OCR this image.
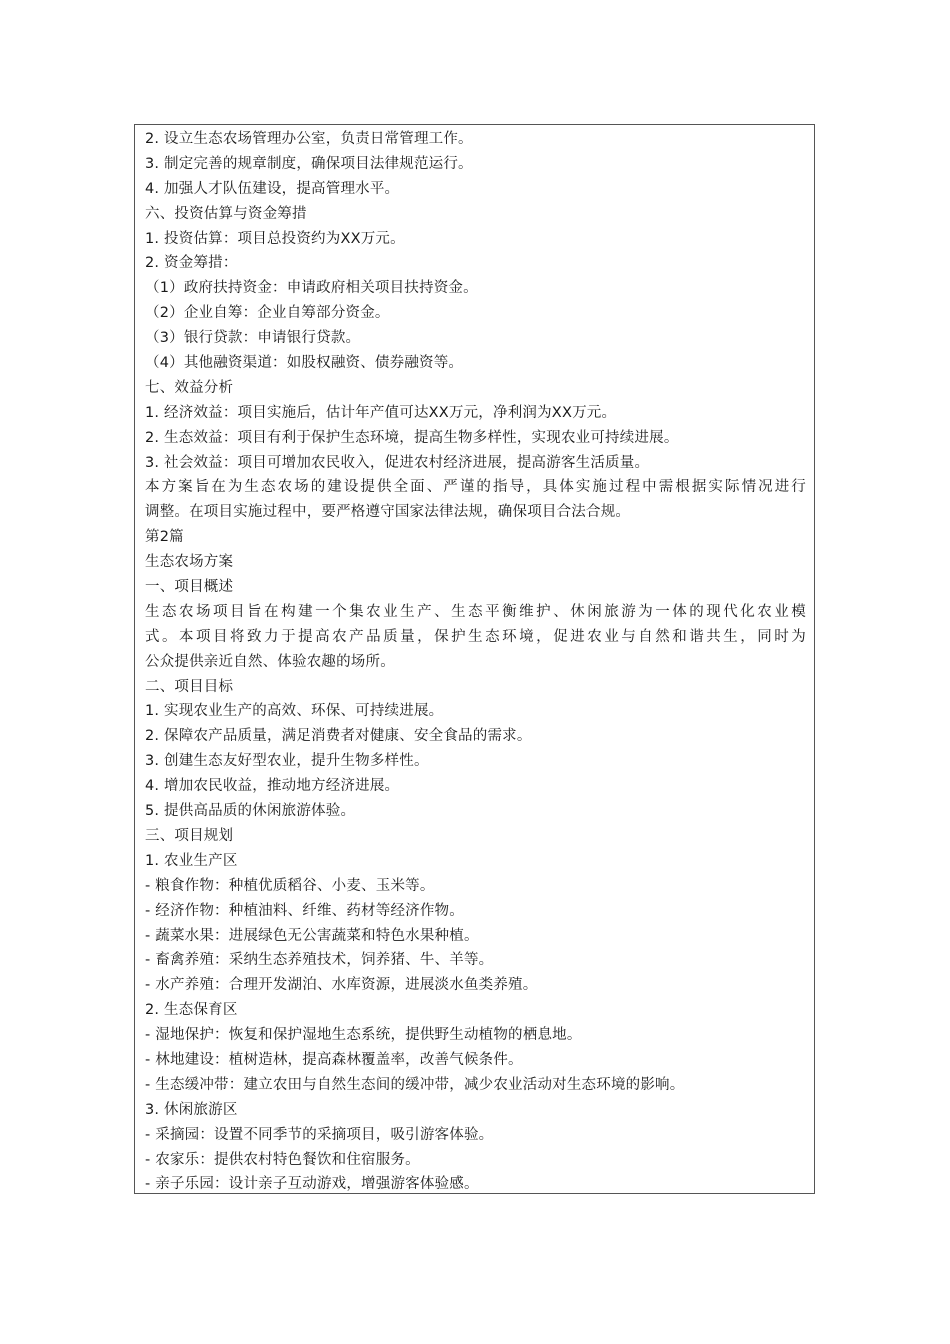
2. 设立生态农场管理办公室，负责日常管理工作。
3. 制定完善的规章制度，确保项目法律规范运行。
4. 加强人才队伍建设，提高管理水平。
六、投资估算与资金筹措
1. 投资估算：项目总投资约为XX万元。
2. 资金筹措：
（1）政府扶持资金：申请政府相关项目扶持资金。
（2）企业自筹：企业自筹部分资金。
（3）银行贷款：申请银行贷款。
（4）其他融资渠道：如股权融资、债券融资等。
七、效益分析
1. 经济效益：项目实施后，估计年产值可达XX万元，净利润为XX万元。
2. 生态效益：项目有利于保护生态环境，提高生物多样性，实现农业可持续进展。
3. 社会效益：项目可增加农民收入，促进农村经济进展，提高游客生活质量。
本方案旨在为生态农场的建设提供全面、严谨的指导，具体实施过程中需根据实际情况进行
调整。在项目实施过程中，要严格遵守国家法律法规，确保项目合法合规。
第2篇
生态农场方案
一、项目概述
生态农场项目旨在构建一个集农业生产、生态平衡维护、休闲旅游为一体的现代化农业模
式。本项目将致力于提高农产品质量，保护生态环境，促进农业与自然和谐共生，同时为
公众提供亲近自然、体验农趣的场所。
二、项目目标
1. 实现农业生产的高效、环保、可持续进展。
2. 保障农产品质量，满足消费者对健康、安全食品的需求。
3. 创建生态友好型农业，提升生物多样性。
4. 增加农民收益，推动地方经济进展。
5. 提供高品质的休闲旅游体验。
三、项目规划
1. 农业生产区
- 粮食作物：种植优质稻谷、小麦、玉米等。
- 经济作物：种植油料、纤维、药材等经济作物。
- 蔬菜水果：进展绿色无公害蔬菜和特色水果种植。
- 畜禽养殖：采纳生态养殖技术，饲养猪、牛、羊等。
- 水产养殖：合理开发湖泊、水库资源，进展淡水鱼类养殖。
2. 生态保育区
- 湿地保护：恢复和保护湿地生态系统，提供野生动植物的栖息地。
- 林地建设：植树造林，提高森林覆盖率，改善气候条件。
- 生态缓冲带：建立农田与自然生态间的缓冲带，减少农业活动对生态环境的影响。
3. 休闲旅游区
- 采摘园：设置不同季节的采摘项目，吸引游客体验。
- 农家乐：提供农村特色餐饮和住宿服务。
- 亲子乐园：设计亲子互动游戏，增强游客体验感。
